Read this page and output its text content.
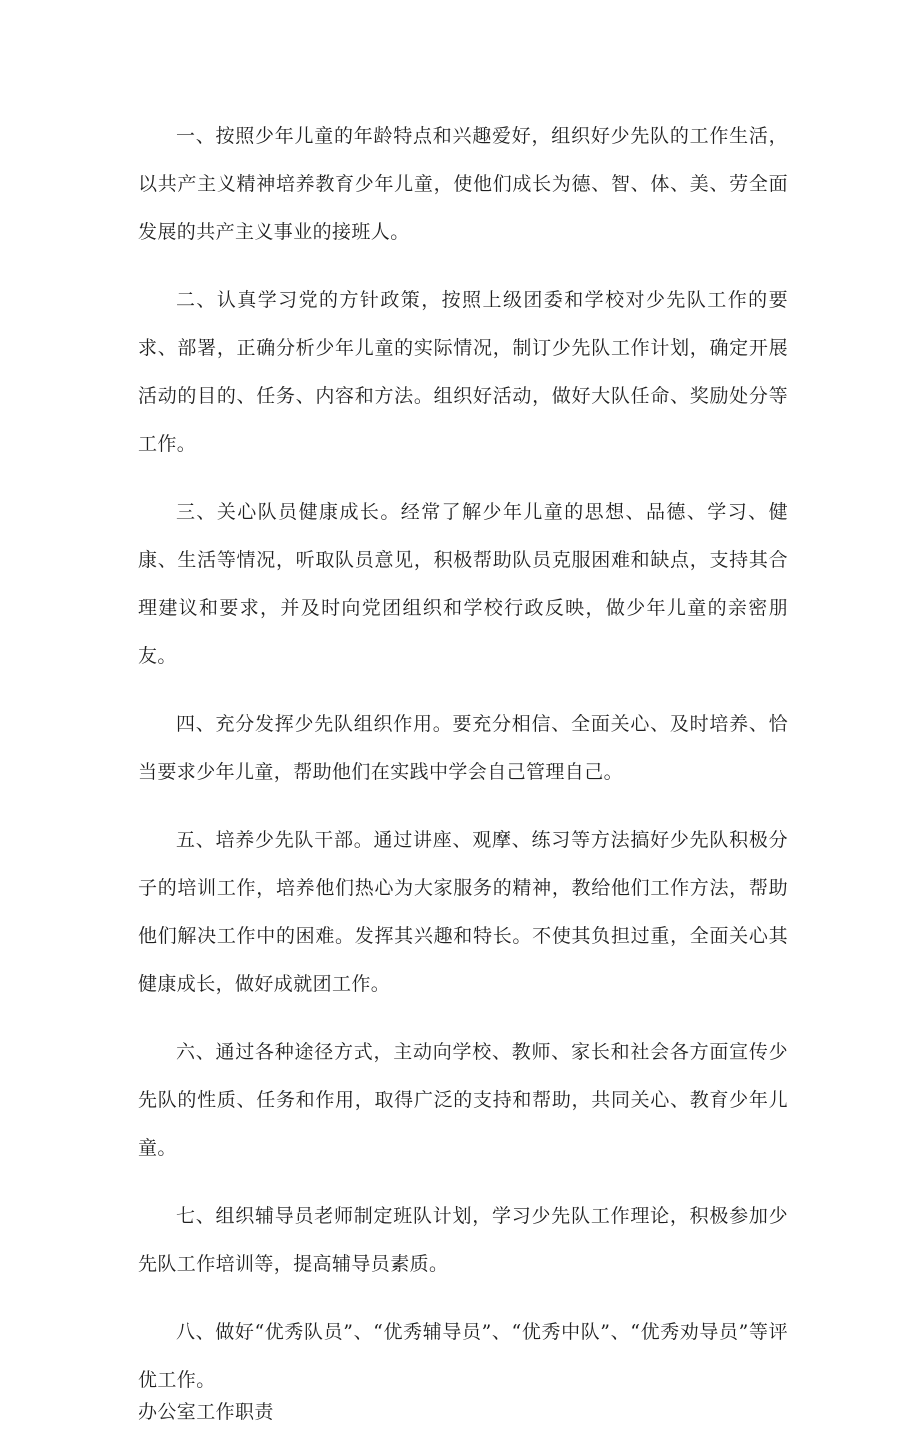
一、按照少年儿童的年龄特点和兴趣爱好，组织好少先队的工作生活，以共产主义精神培养教育少年儿童，使他们成长为德、智、体、美、劳全面发展的共产主义事业的接班人。

二、认真学习党的方针政策，按照上级团委和学校对少先队工作的要求、部署，正确分析少年儿童的实际情况，制订少先队工作计划，确定开展活动的目的、任务、内容和方法。组织好活动，做好大队任命、奖励处分等工作。

三、关心队员健康成长。经常了解少年儿童的思想、品德、学习、健康、生活等情况，听取队员意见，积极帮助队员克服困难和缺点，支持其合理建议和要求，并及时向党团组织和学校行政反映，做少年儿童的亲密朋友。

四、充分发挥少先队组织作用。要充分相信、全面关心、及时培养、恰当要求少年儿童，帮助他们在实践中学会自己管理自己。

五、培养少先队干部。通过讲座、观摩、练习等方法搞好少先队积极分子的培训工作，培养他们热心为大家服务的精神，教给他们工作方法，帮助他们解决工作中的困难。发挥其兴趣和特长。不使其负担过重，全面关心其健康成长，做好成就团工作。

六、通过各种途径方式，主动向学校、教师、家长和社会各方面宣传少先队的性质、任务和作用，取得广泛的支持和帮助，共同关心、教育少年儿童。

七、组织辅导员老师制定班队计划，学习少先队工作理论，积极参加少先队工作培训等，提高辅导员素质。

八、做好“优秀队员”、“优秀辅导员”、“优秀中队”、“优秀劝导员”等评优工作。

办公室工作职责
